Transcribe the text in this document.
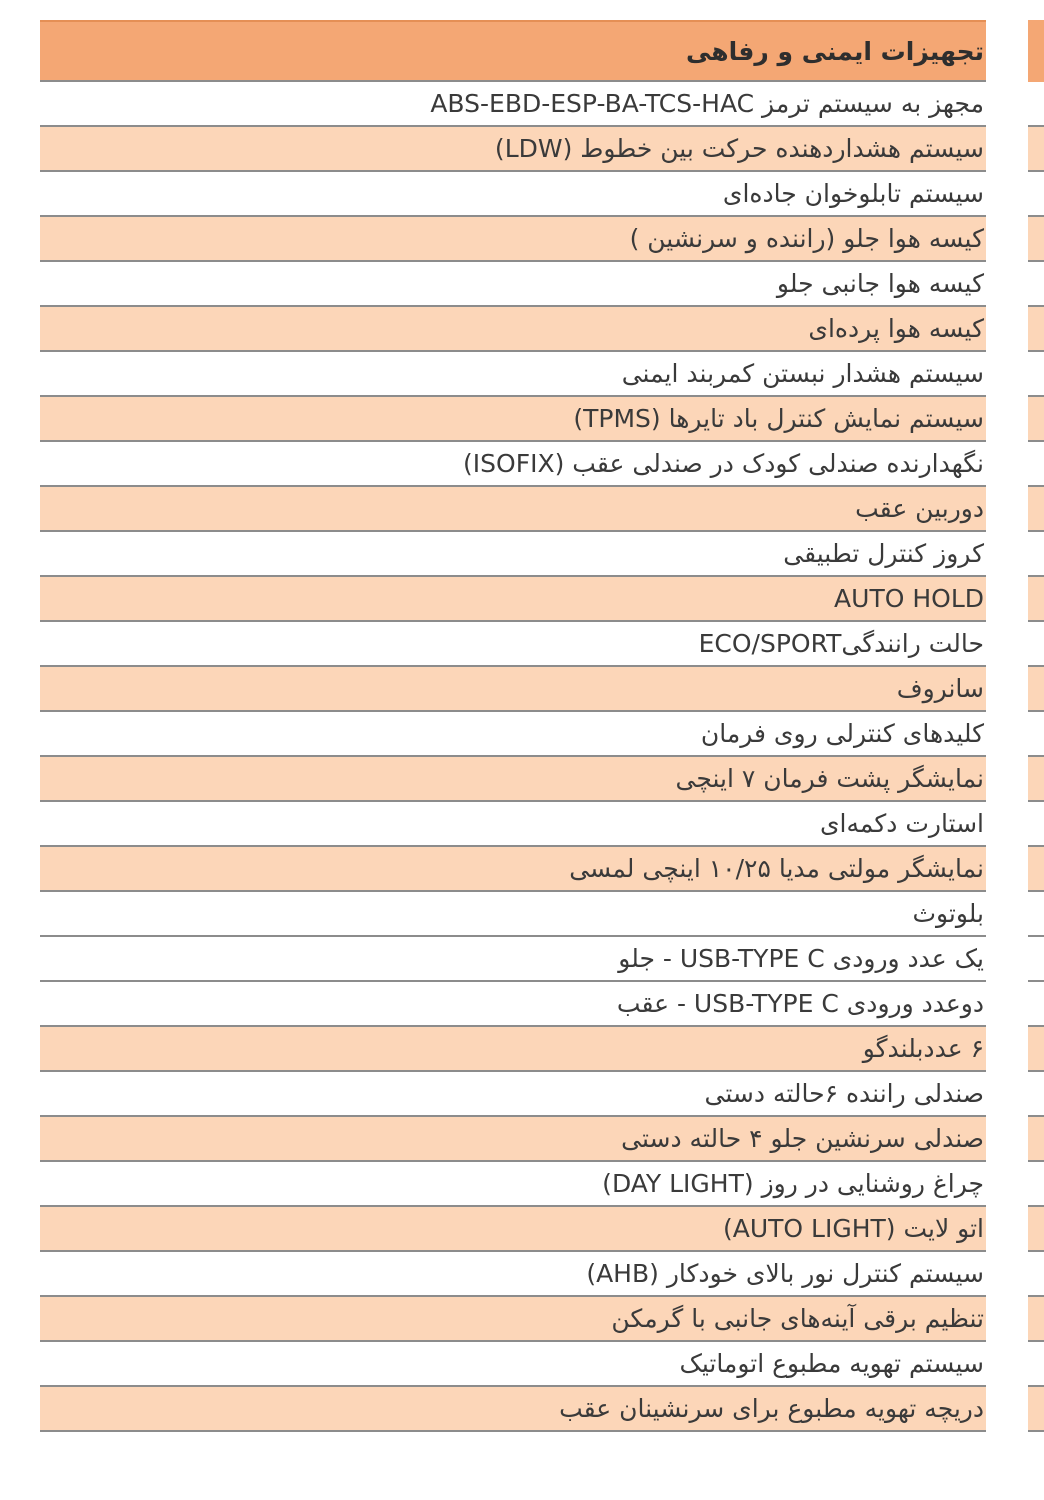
تجهیزات ایمنی و رفاهی
مجهز به سیستم ترمز ABS-EBD-ESP-BA-TCS-HAC
سیستم هشداردهنده حرکت بین خطوط (LDW)
سیستم تابلوخوان جاده‌ای
کیسه هوا جلو (راننده و سرنشین )
کیسه هوا جانبی جلو
کیسه هوا پرده‌ای
سیستم هشدار نبستن کمربند ایمنی
سیستم نمایش کنترل باد تایرها (TPMS)
نگهدارنده صندلی کودک در صندلی عقب (ISOFIX)
دوربین عقب
کروز کنترل تطبیقی
AUTO HOLD
حالت رانندگیECO/SPORT
سانروف
کلیدهای کنترلی روی فرمان
نمایشگر پشت فرمان ۷ اینچی
استارت دکمه‌ای
نمایشگر مولتی مدیا ۱۰/۲۵ اینچی لمسی
بلوتوث
یک عدد ورودی USB-TYPE C - جلو
دوعدد ورودی USB-TYPE C - عقب
۶ عددبلندگو
صندلی راننده ۶حالته دستی
صندلی سرنشین جلو ۴ حالته دستی
چراغ روشنایی در روز (DAY LIGHT)
اتو لایت (AUTO LIGHT)
سیستم کنترل نور بالای خودکار (AHB)
تنظیم برقی آینه‌های جانبی با گرمکن
سیستم تهویه مطبوع اتوماتیک
دریچه تهویه مطبوع برای سرنشینان عقب
